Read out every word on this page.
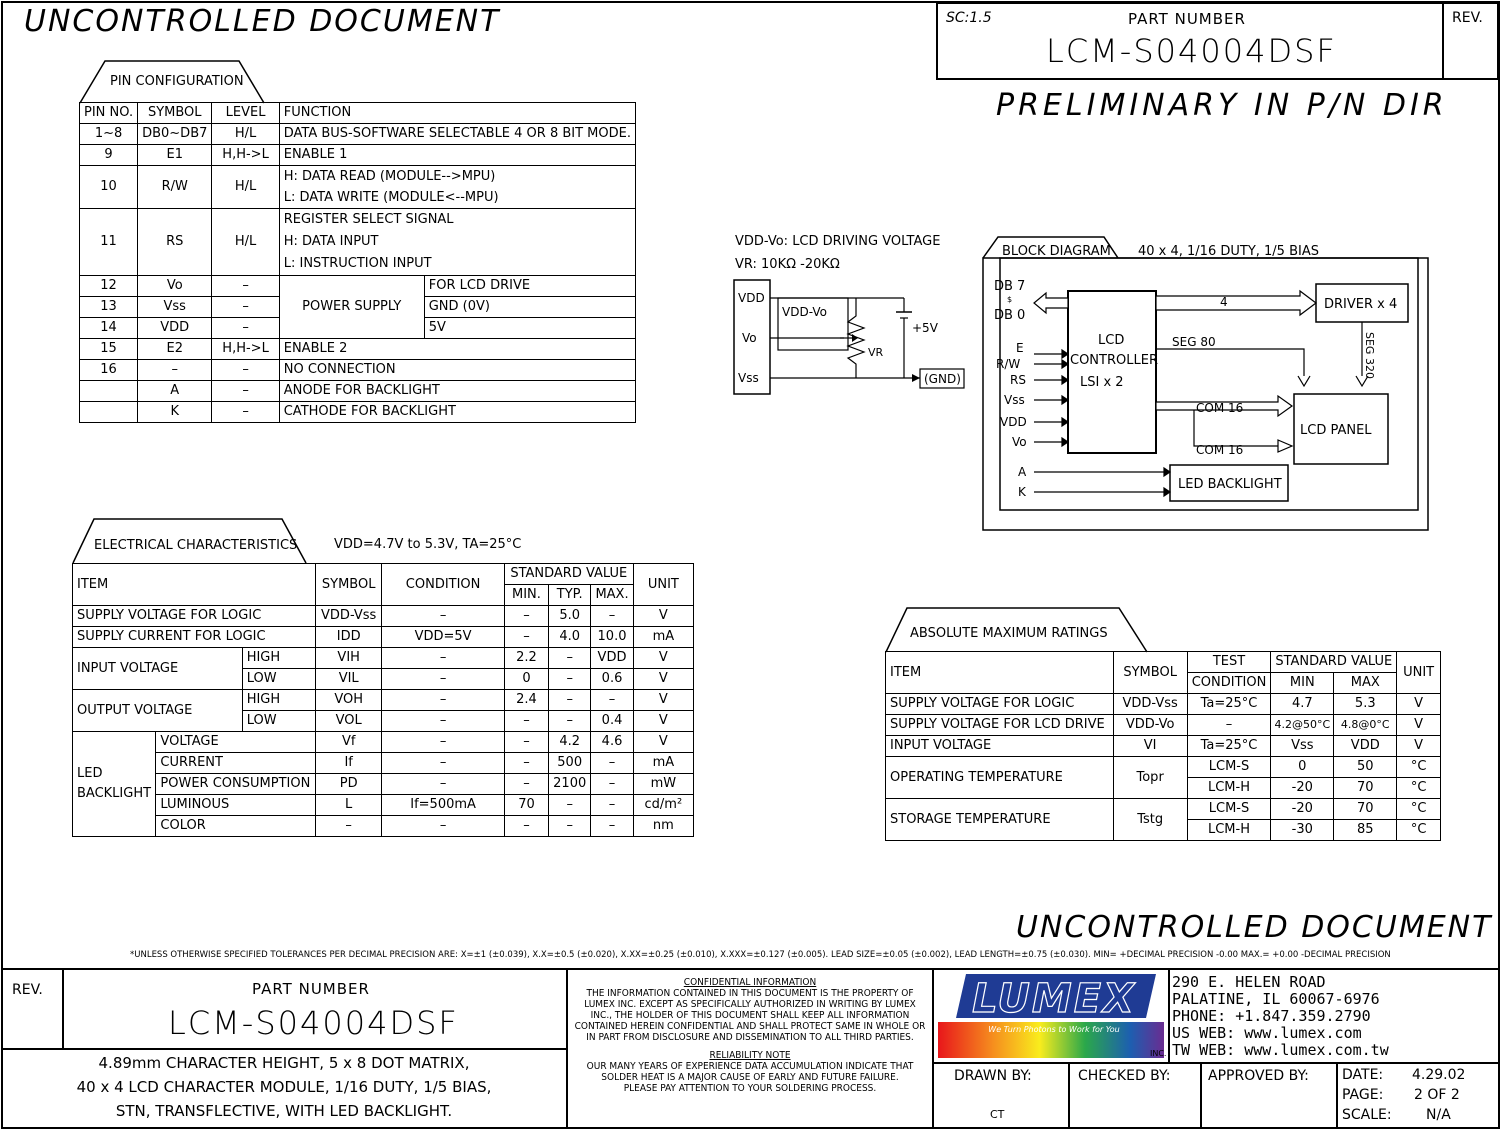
UNCONTROLLED DOCUMENT	SC:1.5	PART NUMBER
LCM-S04004DSF
REV.
PRELIMINARY IN P/N DIR
PIN CONFIGURATION
PIN NO.	SYMBOL	LEVEL	FUNCTION	
1~8	DB0~DB7	H/L	DATA BUS-SOFTWARE SELECTABLE 4 OR 8 BIT MODE.	
9	E1	H,H->L	ENABLE 1	
10	R/W	H/L	H: DATA READ (MODULE-->MPU)
L: DATA WRITE (MODULE<--MPU)	

11	RS	H/L	REGISTER SELECT SIGNAL
H: DATA INPUT
L: INSTRUCTION INPUT	

12	Vo	–	POWER SUPPLY	FOR LCD DRIVE
13	Vss	–		GND (0V)
14	VDD	–		5V
15	E2	H,H->L	ENABLE 2	
16	–	–	NO CONNECTION	
	A	–	ANODE FOR BACKLIGHT	
	K	–	CATHODE FOR BACKLIGHT	
VDD-Vo: LCD DRIVING VOLTAGE
VR: 10KΩ -20KΩ
VDD
Vo
Vss
VDD-Vo
VR
+5V
(GND)
40 x 4, 1/16 DUTY, 1/5 BIAS
BLOCK DIAGRAM
DB 7
$
DB 0
E
R/W
RS
Vss
VDD
Vo
A
K
LCD
CONTROLLER
LSI x 2
4
SEG 80
COM 16
COM 16
DRIVER x 4
LCD PANEL
LED BACKLIGHT
SEG 320
ELECTRICAL CHARACTERISTICS	VDD=4.7V to 5.3V, TA=25°C
ITEM			SYMBOL	CONDITION	STANDARD VALUE			UNIT
					MIN.	TYP.	MAX.	
SUPPLY VOLTAGE FOR LOGIC			VDD-Vss	–	–	5.0	–	V
SUPPLY CURRENT FOR LOGIC			IDD	VDD=5V	–	4.0	10.0	mA
INPUT VOLTAGE		HIGH	VIH	–	2.2	–	VDD	V
		LOW	VIL	–	0	–	0.6	V
OUTPUT VOLTAGE		HIGH	VOH	–	2.4	–	–	V
		LOW	VOL	–	–	–	0.4	V

LED
BACKLIGHT	VOLTAGE		Vf	–	–	4.2	4.6	V
	CURRENT		If	–	–	500	–	mA
	POWER CONSUMPTION		PD	–	–	2100	–	mW
	LUMINOUS		L	If=500mA	70	–	–	cd/m²
	COLOR		–	–	–	–	–	nm
ABSOLUTE MAXIMUM RATINGS
ITEM	SYMBOL	TEST	STANDARD VALUE		UNIT
		CONDITION	MIN	MAX	
SUPPLY VOLTAGE FOR LOGIC	VDD-Vss	Ta=25°C	4.7	5.3	V
SUPPLY VOLTAGE FOR LCD DRIVE	VDD-Vo	–	4.2@50°C	4.8@0°C	V
INPUT VOLTAGE	VI	Ta=25°C	Vss	VDD	V
OPERATING TEMPERATURE	Topr	LCM-S	0	50	°C
		LCM-H	-20	70	°C
STORAGE TEMPERATURE	Tstg	LCM-S	-20	70	°C
		LCM-H	-30	85	°C
UNCONTROLLED DOCUMENT
*UNLESS OTHERWISE SPECIFIED TOLERANCES PER DECIMAL PRECISION ARE: X=±1 (±0.039), X.X=±0.5 (±0.020), X.XX=±0.25 (±0.010), X.XXX=±0.127 (±0.005). LEAD SIZE=±0.05 (±0.002), LEAD LENGTH=±0.75 (±0.030). MIN= +DECIMAL PRECISION -0.00 MAX.= +0.00 -DECIMAL PRECISION
REV.	PART NUMBER
LCM-S04004DSF
4.89mm CHARACTER HEIGHT, 5 x 8 DOT MATRIX,
40 x 4 LCD CHARACTER MODULE, 1/16 DUTY, 1/5 BIAS,
STN, TRANSFLECTIVE, WITH LED BACKLIGHT.
CONFIDENTIAL INFORMATION
THE INFORMATION CONTAINED IN THIS DOCUMENT IS THE PROPERTY OF
LUMEX INC. EXCEPT AS SPECIFICALLY AUTHORIZED IN WRITING BY LUMEX
INC., THE HOLDER OF THIS DOCUMENT SHALL KEEP ALL INFORMATION
CONTAINED HEREIN CONFIDENTIAL AND SHALL PROTECT SAME IN WHOLE OR
IN PART FROM DISCLOSURE AND DISSEMINATION TO ALL THIRD PARTIES.
RELIABILITY NOTE
OUR MANY YEARS OF EXPERIENCE DATA ACCUMULATION INDICATE THAT
SOLDER HEAT IS A MAJOR CAUSE OF EARLY AND FUTURE FAILURE.
PLEASE PAY ATTENTION TO YOUR SOLDERING PROCESS.
LUMEX
We Turn Photons to Work for You
INC.
290 E. HELEN ROAD
PALATINE, IL 60067-6976
PHONE: +1.847.359.2790
US WEB: www.lumex.com
TW WEB: www.lumex.com.tw
DRAWN BY:
CT
CHECKED BY:	APPROVED BY: DATE: 4.29.02
PAGE: 2 OF 2
SCALE: N/A
